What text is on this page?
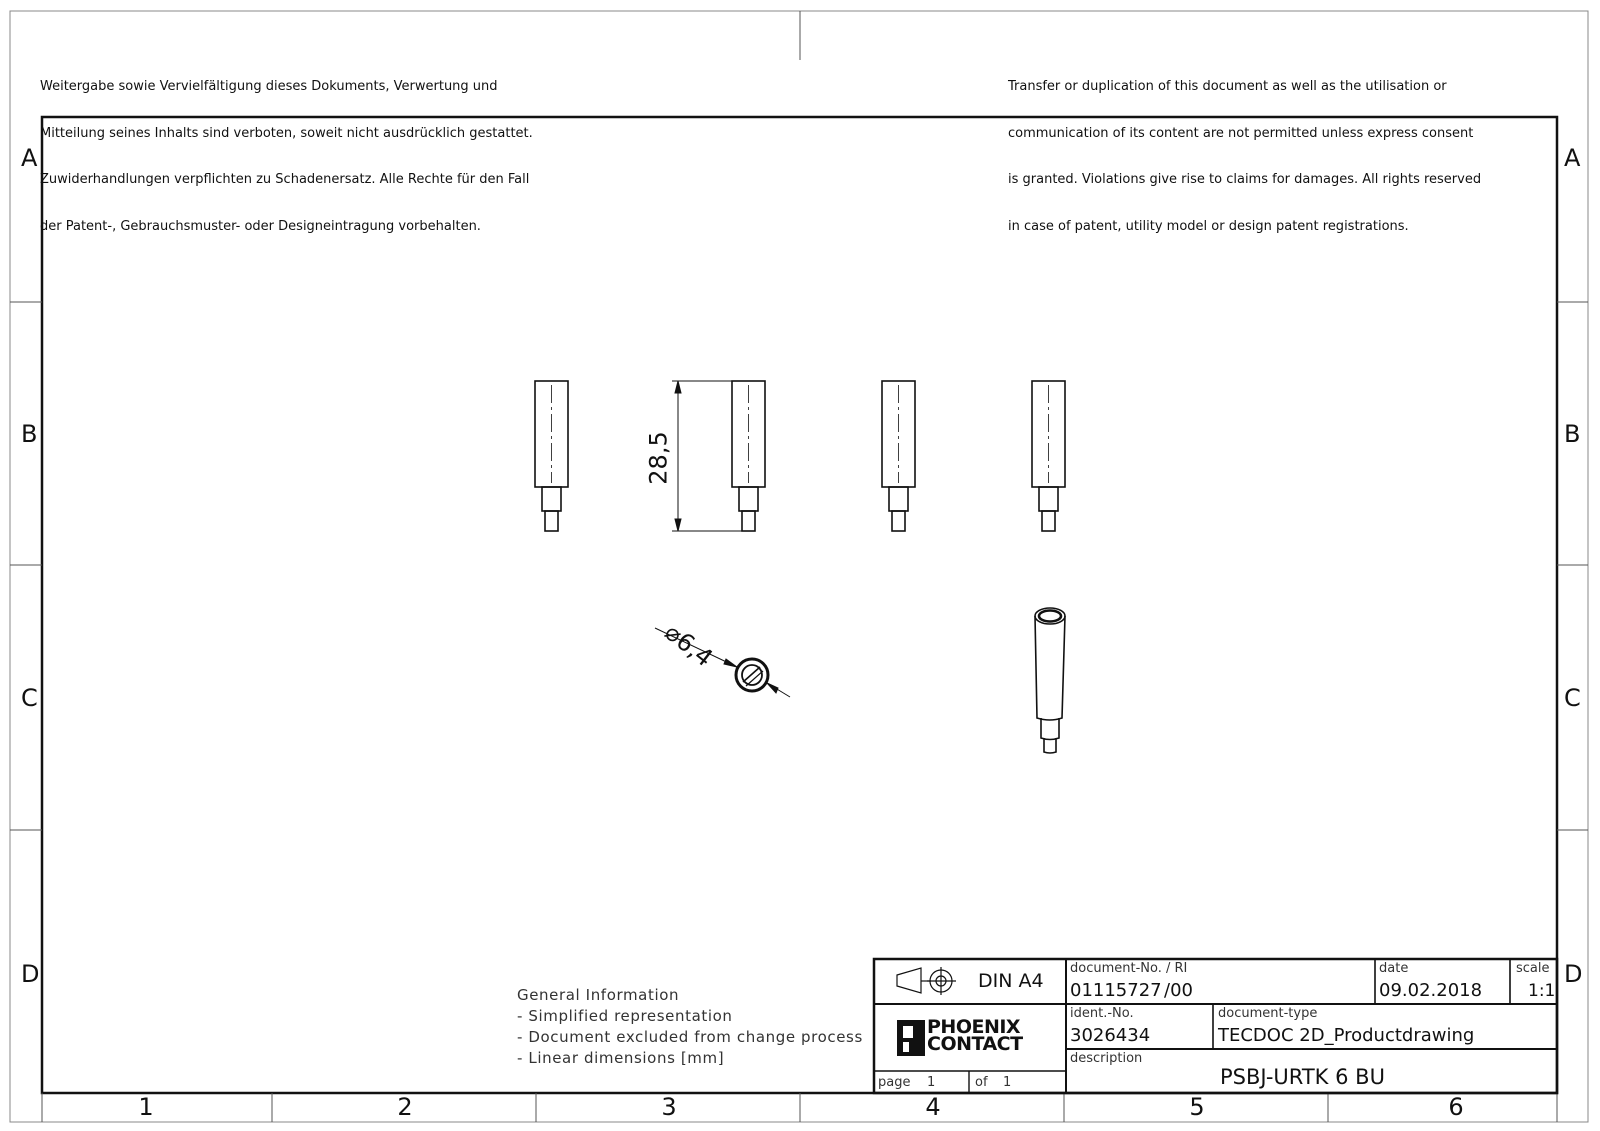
Weitergabe sowie Vervielfältigung dieses Dokuments, Verwertung und

Mitteilung seines Inhalts sind verboten, soweit nicht ausdrücklich gestattet.

Zuwiderhandlungen verpflichten zu Schadenersatz. Alle Rechte für den Fall

der Patent-, Gebrauchsmuster- oder Designeintragung vorbehalten.

Transfer or duplication of this document as well as the utilisation or

communication of its content are not permitted unless express consent

is granted. Violations give rise to claims for damages. All rights reserved

in case of patent, utility model or design patent registrations.

A
B
C
D
A
B
C
D
1	2	3	4	5	6
28,5
⌀6,4
General Information
- Simplified representation
- Document excluded from change process
- Linear dimensions [mm]
DIN A4
PHOENIX
CONTACT
page 1	of 1
document-No. / RI
01115727 /00
date
09.02.2018
scale
1:1
ident.-No.
3026434
document-type
TECDOC 2D_Productdrawing
description
PSBJ-URTK 6 BU
